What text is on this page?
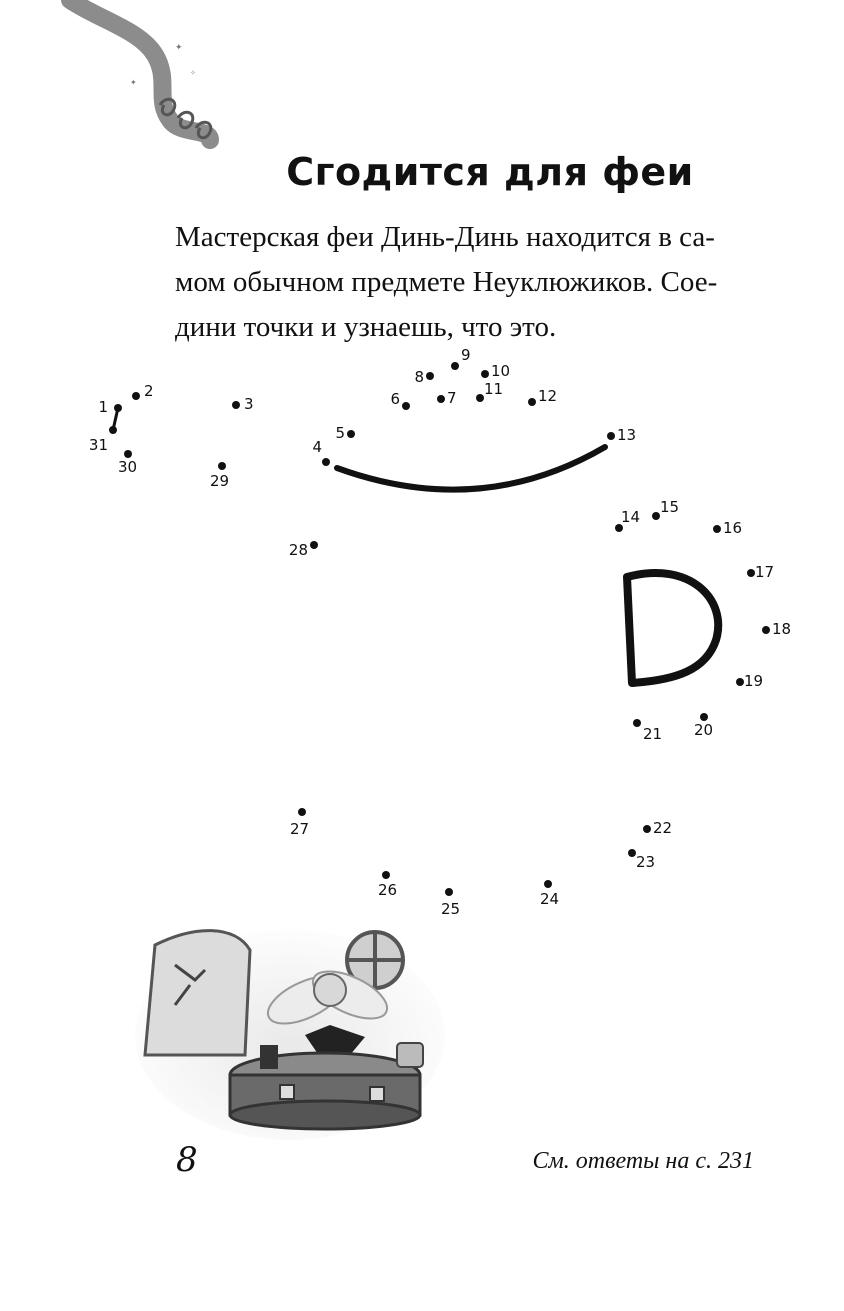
✦
✦
✧
Сгодится для феи

Мастерская феи Динь-Динь находится в са-
мом обычном предмете Неуклюжиков. Сое-
дини точки и узнаешь, что это.

1
2
3
4
5
6	7
8
9
10
11 12
13
14
15
16
17
18
19
20
21
22
23
24
25
26
27
28
29
30
31
8	См. ответы на с. 231
